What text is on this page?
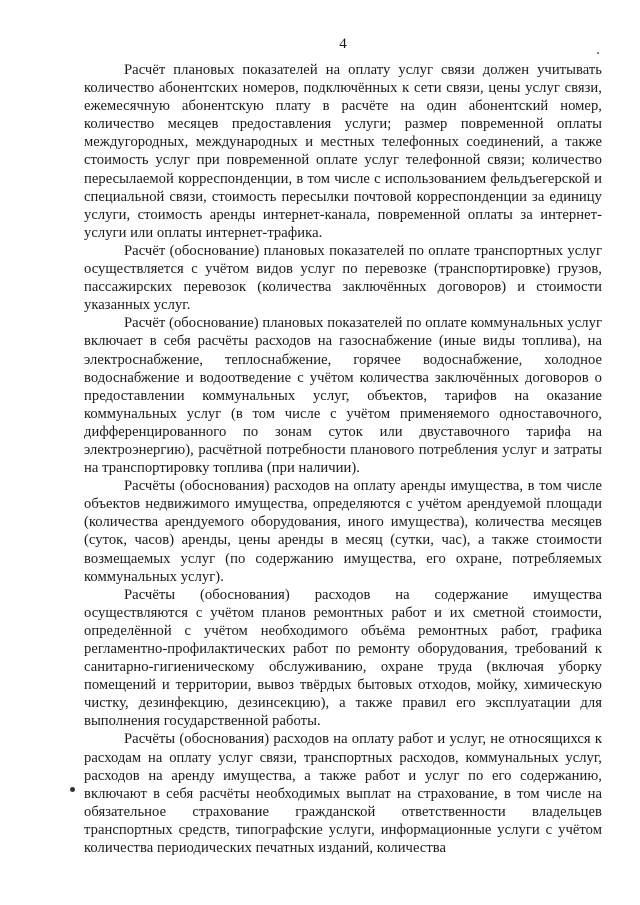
4

Расчёт плановых показателей на оплату услуг связи должен учитывать количество абонентских номеров, подключённых к сети связи, цены услуг связи, ежемесячную абонентскую плату в расчёте на один абонентский номер, количество месяцев предоставления услуги; размер повременной оплаты междугородных, международных и местных телефонных соединений, а также стоимость услуг при повременной оплате услуг телефонной связи; количество пересылаемой корреспонденции, в том числе с использованием фельдъегерской и специальной связи, стоимость пересылки почтовой корреспонденции за единицу услуги, стоимость аренды интернет-канала, повременной оплаты за интернет-услуги или оплаты интернет-трафика.

Расчёт (обоснование) плановых показателей по оплате транспортных услуг осуществляется с учётом видов услуг по перевозке (транспортировке) грузов, пассажирских перевозок (количества заключённых договоров) и стоимости указанных услуг.

Расчёт (обоснование) плановых показателей по оплате коммунальных услуг включает в себя расчёты расходов на газоснабжение (иные виды топлива), на электроснабжение, теплоснабжение, горячее водоснабжение, холодное водоснабжение и водоотведение с учётом количества заключённых договоров о предоставлении коммунальных услуг, объектов, тарифов на оказание коммунальных услуг (в том числе с учётом применяемого одноставочного, дифференцированного по зонам суток или двуставочного тарифа на электроэнергию), расчётной потребности планового потребления услуг и затраты на транспортировку топлива (при наличии).

Расчёты (обоснования) расходов на оплату аренды имущества, в том числе объектов недвижимого имущества, определяются с учётом арендуемой площади (количества арендуемого оборудования, иного имущества), количества месяцев (суток, часов) аренды, цены аренды в месяц (сутки, час), а также стоимости возмещаемых услуг (по содержанию имущества, его охране, потребляемых коммунальных услуг).

Расчёты (обоснования) расходов на содержание имущества осуществляются с учётом планов ремонтных работ и их сметной стоимости, определённой с учётом необходимого объёма ремонтных работ, графика регламентно-профилактических работ по ремонту оборудования, требований к санитарно-гигиеническому обслуживанию, охране труда (включая уборку помещений и территории, вывоз твёрдых бытовых отходов, мойку, химическую чистку, дезинфекцию, дезинсекцию), а также правил его эксплуатации для выполнения государственной работы.

Расчёты (обоснования) расходов на оплату работ и услуг, не относящихся к расходам на оплату услуг связи, транспортных расходов, коммунальных услуг, расходов на аренду имущества, а также работ и услуг по его содержанию, включают в себя расчёты необходимых выплат на страхование, в том числе на обязательное страхование гражданской ответственности владельцев транспортных средств, типографские услуги, информационные услуги с учётом количества периодических печатных изданий, количества
